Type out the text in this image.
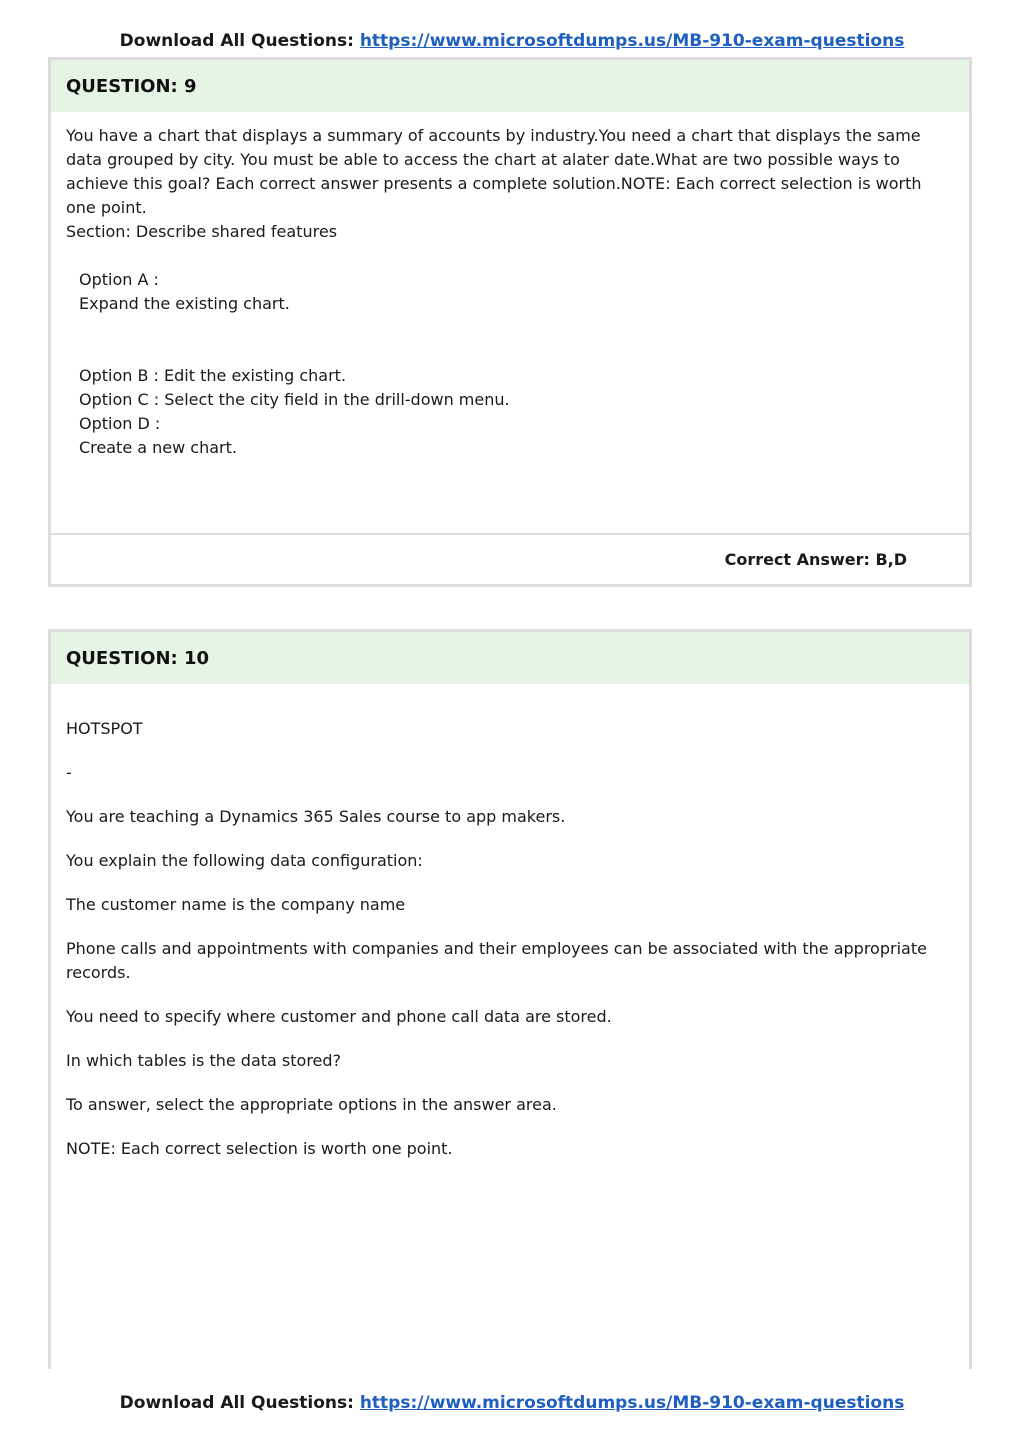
Download All Questions: https://www.microsoftdumps.us/MB-910-exam-questions
QUESTION: 9
You have a chart that displays a summary of accounts by industry.You need a chart that displays the same data grouped by city. You must be able to access the chart at alater date.What are two possible ways to achieve this goal? Each correct answer presents a complete solution.NOTE: Each correct selection is worth one point.
Section: Describe shared features
Option A :
Expand the existing chart.
Option B : Edit the existing chart.
Option C : Select the city field in the drill-down menu.
Option D :
Create a new chart.
Correct Answer: B,D
QUESTION: 10

HOTSPOT

-

You are teaching a Dynamics 365 Sales course to app makers.

You explain the following data configuration:

The customer name is the company name

Phone calls and appointments with companies and their employees can be associated with the appropriate records.

You need to specify where customer and phone call data are stored.

In which tables is the data stored?

To answer, select the appropriate options in the answer area.

NOTE: Each correct selection is worth one point.

Download All Questions: https://www.microsoftdumps.us/MB-910-exam-questions
